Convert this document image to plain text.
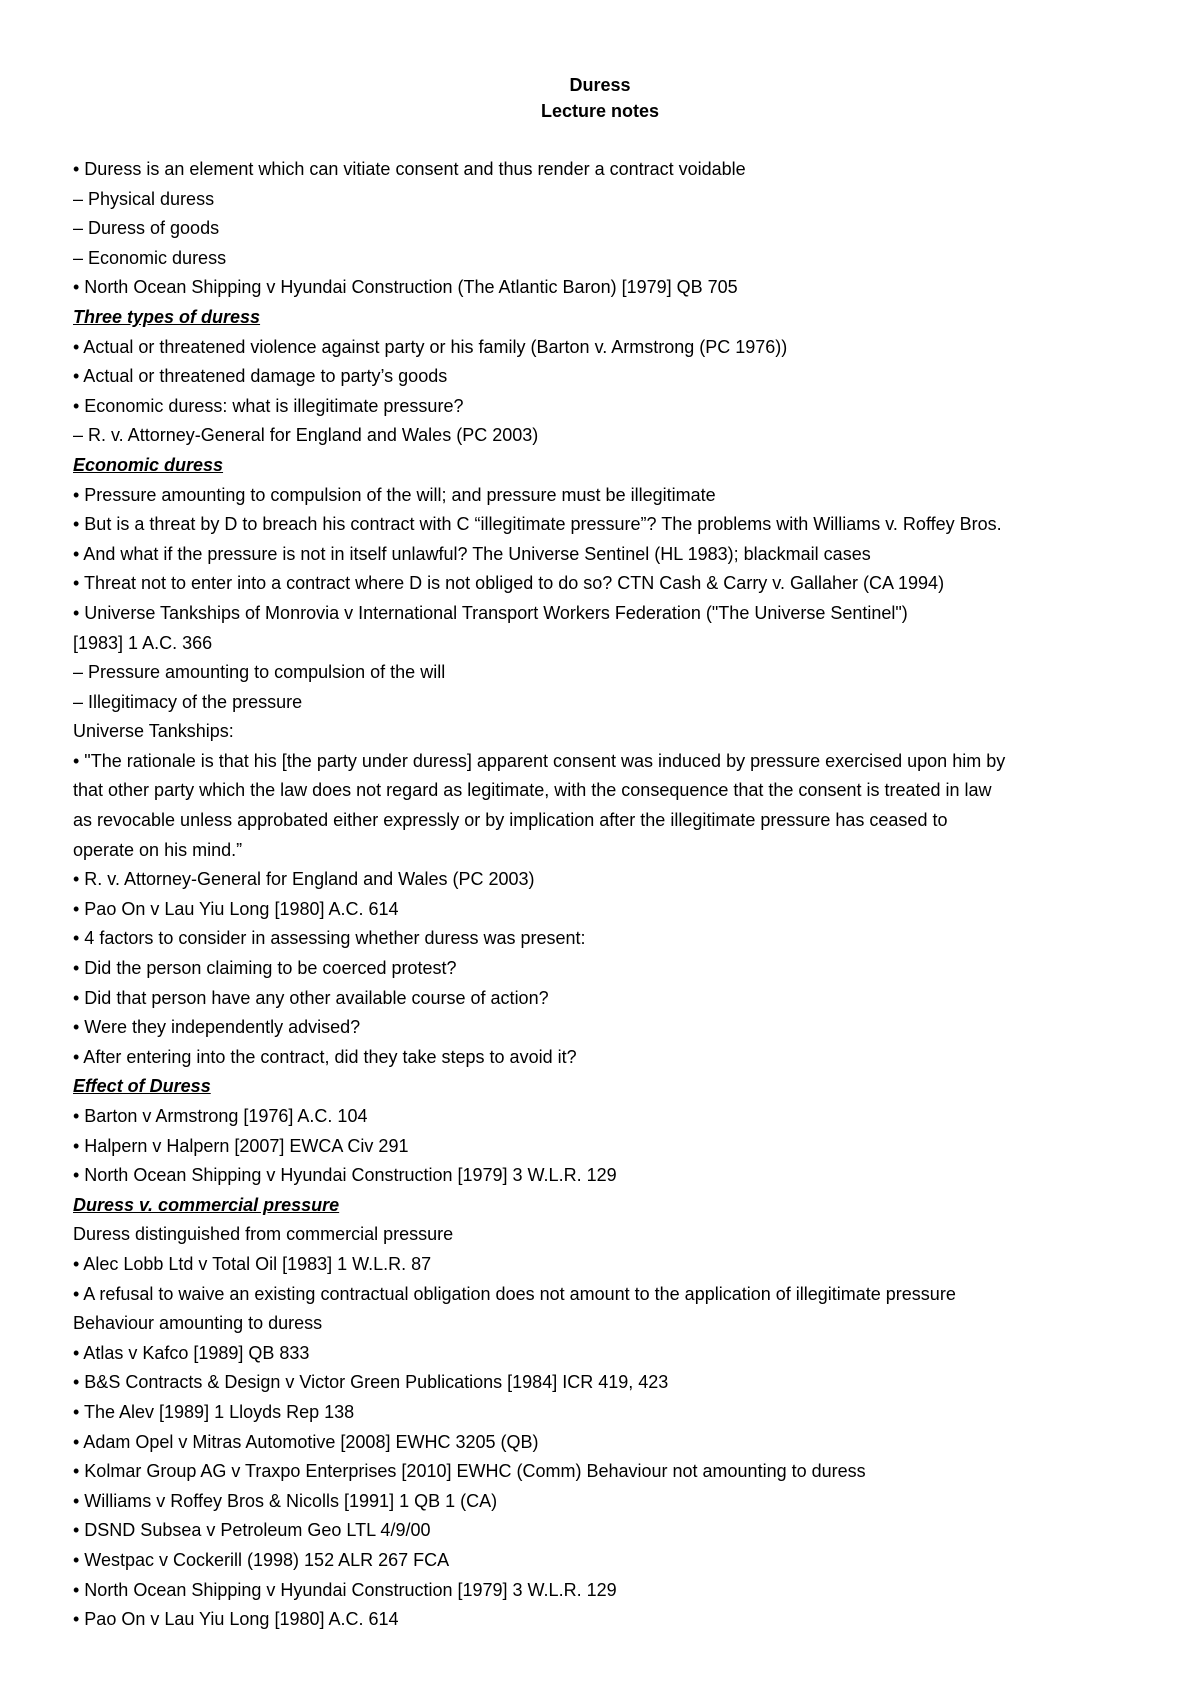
Duress
Lecture notes
• Duress is an element which can vitiate consent and thus render a contract voidable
– Physical duress
– Duress of goods
– Economic duress
• North Ocean Shipping v Hyundai Construction (The Atlantic Baron) [1979] QB 705
Three types of duress
• Actual or threatened violence against party or his family (Barton v. Armstrong (PC 1976))
• Actual or threatened damage to party’s goods
• Economic duress: what is illegitimate pressure?
– R. v. Attorney-General for England and Wales (PC 2003)
Economic duress
• Pressure amounting to compulsion of the will; and pressure must be illegitimate
• But is a threat by D to breach his contract with C “illegitimate pressure”? The problems with Williams v. Roffey Bros.
• And what if the pressure is not in itself unlawful? The Universe Sentinel (HL 1983); blackmail cases
• Threat not to enter into a contract where D is not obliged to do so? CTN Cash & Carry v. Gallaher (CA 1994)
• Universe Tankships of Monrovia v International Transport Workers Federation ("The Universe Sentinel")
[1983] 1 A.C. 366
– Pressure amounting to compulsion of the will
– Illegitimacy of the pressure
Universe Tankships:
• "The rationale is that his [the party under duress] apparent consent was induced by pressure exercised upon him by
that other party which the law does not regard as legitimate, with the consequence that the consent is treated in law
as revocable unless approbated either expressly or by implication after the illegitimate pressure has ceased to
operate on his mind.”
• R. v. Attorney-General for England and Wales (PC 2003)
• Pao On v Lau Yiu Long [1980] A.C. 614
• 4 factors to consider in assessing whether duress was present:
• Did the person claiming to be coerced protest?
• Did that person have any other available course of action?
• Were they independently advised?
• After entering into the contract, did they take steps to avoid it?
Effect of Duress
• Barton v Armstrong [1976] A.C. 104
• Halpern v Halpern [2007] EWCA Civ 291
• North Ocean Shipping v Hyundai Construction [1979] 3 W.L.R. 129
Duress v. commercial pressure
Duress distinguished from commercial pressure
• Alec Lobb Ltd v Total Oil [1983] 1 W.L.R. 87
• A refusal to waive an existing contractual obligation does not amount to the application of illegitimate pressure
Behaviour amounting to duress
• Atlas v Kafco [1989] QB 833
• B&S Contracts & Design v Victor Green Publications [1984] ICR 419, 423
• The Alev [1989] 1 Lloyds Rep 138
• Adam Opel v Mitras Automotive [2008] EWHC 3205 (QB)
• Kolmar Group AG v Traxpo Enterprises [2010] EWHC (Comm) Behaviour not amounting to duress
• Williams v Roffey Bros & Nicolls [1991] 1 QB 1 (CA)
• DSND Subsea v Petroleum Geo LTL 4/9/00
• Westpac v Cockerill (1998) 152 ALR 267 FCA
• North Ocean Shipping v Hyundai Construction [1979] 3 W.L.R. 129
• Pao On v Lau Yiu Long [1980] A.C. 614
